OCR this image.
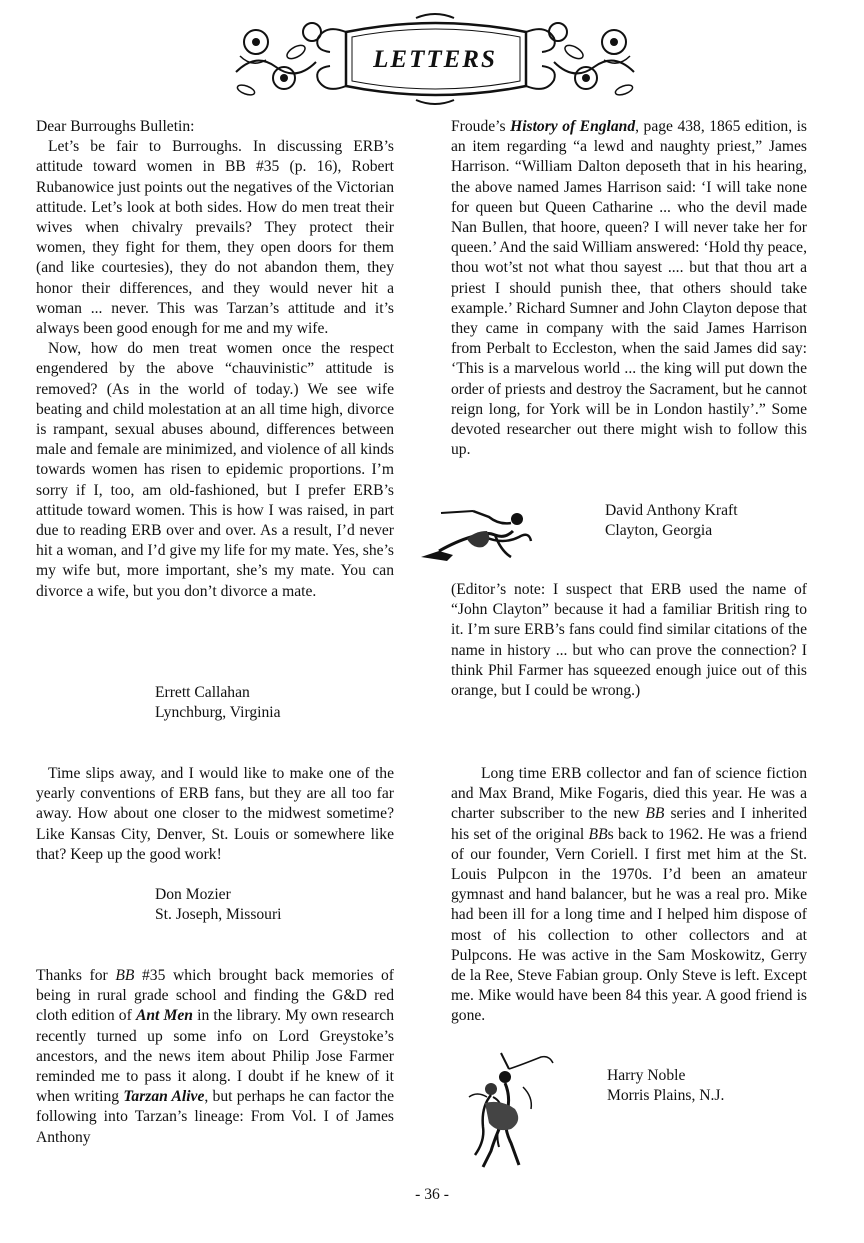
LETTERS

Dear Burroughs Bulletin:

Let’s be fair to Burroughs. In discussing ERB’s attitude toward women in BB #35 (p. 16), Robert Rubanowice just points out the negatives of the Victorian attitude. Let’s look at both sides. How do men treat their wives when chivalry prevails? They protect their women, they fight for them, they open doors for them (and like courtesies), they do not abandon them, they honor their differences, and they would never hit a woman ... never. This was Tarzan’s attitude and it’s always been good enough for me and my wife.

Now, how do men treat women once the respect engendered by the above “chauvinistic” attitude is removed? (As in the world of today.) We see wife beating and child molestation at an all time high, divorce is rampant, sexual abuses abound, differences between male and female are minimized, and violence of all kinds towards women has risen to epidemic proportions. I’m sorry if I, too, am old-fashioned, but I prefer ERB’s attitude toward women. This is how I was raised, in part due to reading ERB over and over. As a result, I’d never hit a woman, and I’d give my life for my mate. Yes, she’s my wife but, more important, she’s my mate. You can divorce a wife, but you don’t divorce a mate.

Errett Callahan
Lynchburg, Virginia

Time slips away, and I would like to make one of the yearly conventions of ERB fans, but they are all too far away. How about one closer to the midwest sometime? Like Kansas City, Denver, St. Louis or somewhere like that? Keep up the good work!

Don Mozier
St. Joseph, Missouri

Thanks for BB #35 which brought back memories of being in rural grade school and finding the G&D red cloth edition of Ant Men in the library. My own research recently turned up some info on Lord Greystoke’s ancestors, and the news item about Philip Jose Farmer reminded me to pass it along. I doubt if he knew of it when writing Tarzan Alive, but perhaps he can factor the following into Tarzan’s lineage: From Vol. I of James Anthony

Froude’s History of England, page 438, 1865 edition, is an item regarding “a lewd and naughty priest,” James Harrison. “William Dalton deposeth that in his hearing, the above named James Harrison said: ‘I will take none for queen but Queen Catharine ... who the devil made Nan Bullen, that hoore, queen? I will never take her for queen.’ And the said William answered: ‘Hold thy peace, thou wot’st not what thou sayest .... but that thou art a priest I should punish thee, that others should take example.’ Richard Sumner and John Clayton depose that they came in company with the said James Harrison from Perbalt to Eccleston, when the said James did say: ‘This is a marvelous world ... the king will put down the order of priests and destroy the Sacrament, but he cannot reign long, for York will be in London hastily’.” Some devoted researcher out there might wish to follow this up.

David Anthony Kraft
Clayton, Georgia

(Editor’s note: I suspect that ERB used the name of “John Clayton” because it had a familiar British ring to it. I’m sure ERB’s fans could find similar citations of the name in history ... but who can prove the connection? I think Phil Farmer has squeezed enough juice out of this orange, but I could be wrong.)

Long time ERB collector and fan of science fiction and Max Brand, Mike Fogaris, died this year. He was a charter subscriber to the new BB series and I inherited his set of the original BBs back to 1962. He was a friend of our founder, Vern Coriell. I first met him at the St. Louis Pulpcon in the 1970s. I’d been an amateur gymnast and hand balancer, but he was a real pro. Mike had been ill for a long time and I helped him dispose of most of his collection to other collectors and at Pulpcons. He was active in the Sam Moskowitz, Gerry de la Ree, Steve Fabian group. Only Steve is left. Except me. Mike would have been 84 this year. A good friend is gone.

Harry Noble
Morris Plains, N.J.
- 36 -
